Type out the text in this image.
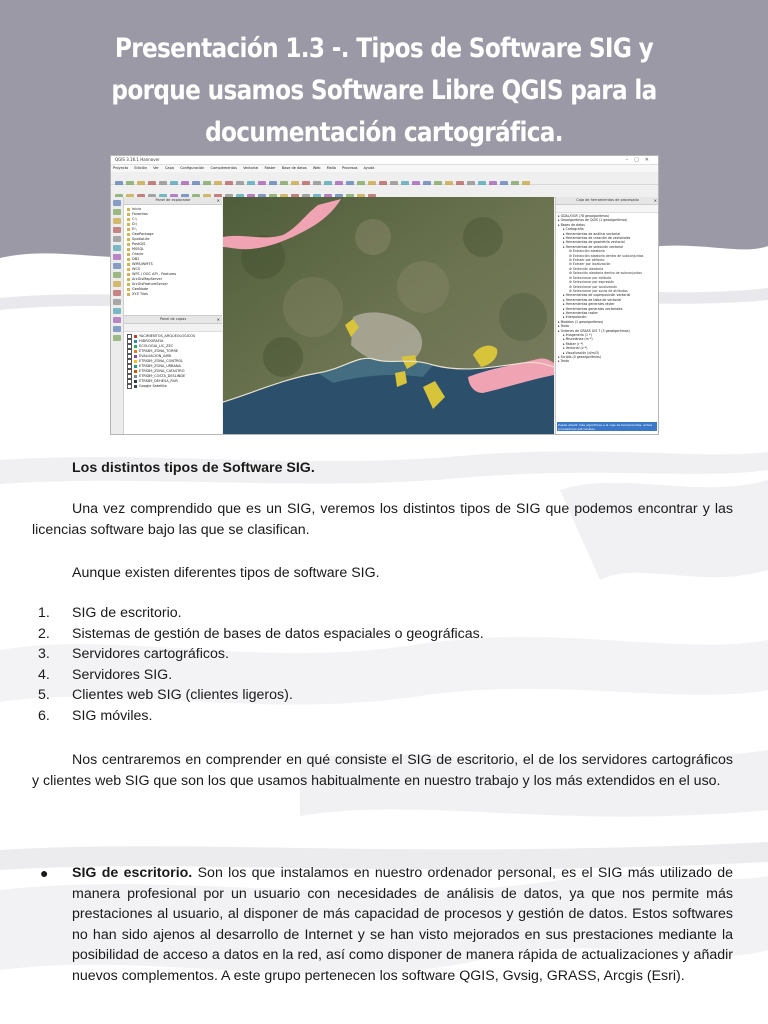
Presentación 1.3 -. Tipos de Software SIG y porque usamos Software Libre QGIS para la documentación cartográfica.
QGIS 3.16.1 Hannover	–▢✕
Proyecto Edición Ver Capa Configuración Complementos Vectorial Ráster Base de datos Web Malla Procesos Ayuda
Panel de explorador	✕
Inicio
Favoritos
C:\
D:\
E:\
GeoPackage
SpatiaLite
PostGIS
MSSQL
Oracle
DB2
WMS/WMTS
WCS
WFS / OGC API - Features
ArcGisMapServer
ArcGisFeatureServer
GeoNode
XYZ Tiles
Panel de capas	✕
YACIMIENTOS_ARQUEOLOGICOS
HIDROGRAFIA
ECOLOGIA_LIC_ZEC
ETRS89_ZONA_TORRE
EVALUACION_AMB
ETRS89_ZONA_CONTROL
ETRS89_ZONA_URBANA
ETRS89_ZONA_CATASTRO
ETRS89_COSTA_DESLINDE
ETRS89_DEHESA_RUR
Google Satellite
Caja de herramientas de procesado	✕
▸ GDAL/OGR (78 geoalgoritmos)
▸ Geoalgoritmos de QGIS (1 geoalgoritmos)
▸ Bases de datos
▸ Cartografía
▸ Herramientas de análisis vectorial
▸ Herramientas de creación de vectoriales
▸ Herramientas de geometría vectorial
▸ Herramientas de selección vectorial
⚙ Extracción aleatoria
⚙ Extracción aleatoria dentro de subconjuntos
⚙ Extraer por atributo
⚙ Extraer por localización
⚙ Selección aleatoria
⚙ Selección aleatoria dentro de subconjuntos
⚙ Seleccionar por atributo
⚙ Seleccionar por expresión
⚙ Seleccionar por localización
⚙ Seleccionar por suma de atributos
▸ Herramientas de superposición vectorial
▸ Herramientas de tabla de vectorial
▸ Herramientas generales ráster
▸ Herramientas generales vectoriales
▸ Herramientas raster
▸ Interpolación
▸ Modelos (1 geoalgoritmos)
▸ Texto
▸ Ordenes de GRASS GIS 7 (3 geoalgoritmos)
▸ Imagenería (1 *)
▸ Miscelánea (m *)
▸ Ráster (r *)
▸ Vectorial (v *)
▸ Visualización (d/m/3)
▸ Scripts (0 geoalgoritmos)
▸ Texto
Puede añadir más algoritmos a la caja de herramientas, active proveedores adicionales.

Los distintos tipos de Software SIG.

Una vez comprendido que es un SIG, veremos los distintos tipos de SIG que podemos encontrar y las licencias software bajo las que se clasifican.

Aunque existen diferentes tipos de software SIG.

1. SIG de escritorio.
2. Sistemas de gestión de bases de datos espaciales o geográficas.
3. Servidores cartográficos.
4. Servidores SIG.
5. Clientes web SIG (clientes ligeros).
6. SIG móviles.

Nos centraremos en comprender en qué consiste el SIG de escritorio, el de los servidores cartográficos y clientes web SIG que son los que usamos habitualmente en nuestro trabajo y los más extendidos en el uso.

● SIG de escritorio. Son los que instalamos en nuestro ordenador personal, es el SIG más utilizado de manera profesional por un usuario con necesidades de análisis de datos, ya que nos permite más prestaciones al usuario, al disponer de más capacidad de procesos y gestión de datos. Estos softwares no han sido ajenos al desarrollo de Internet y se han visto mejorados en sus prestaciones mediante la posibilidad de acceso a datos en la red, así como disponer de manera rápida de actualizaciones y añadir nuevos complementos. A este grupo pertenecen los software QGIS, Gvsig, GRASS, Arcgis (Esri).
